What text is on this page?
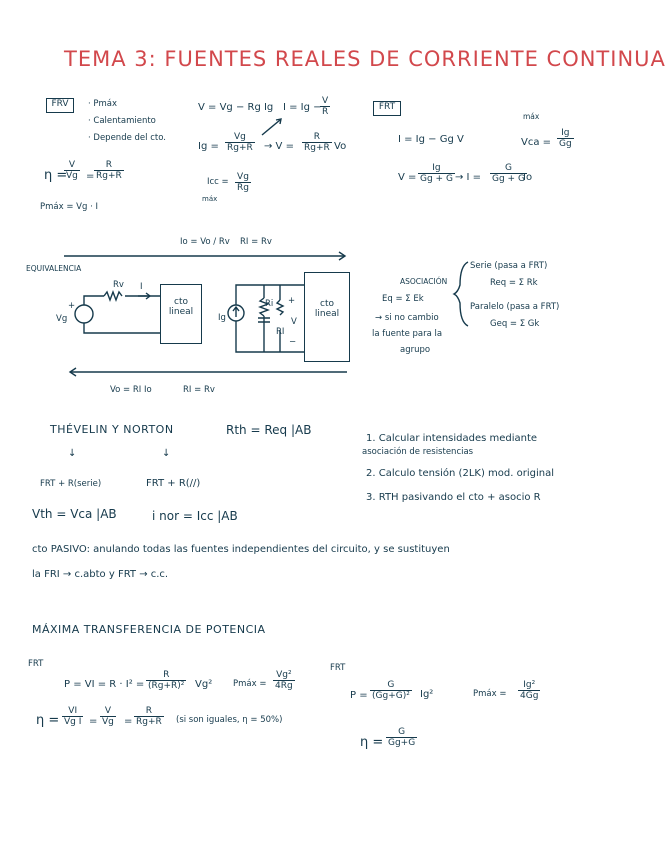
TEMA 3: FUENTES REALES DE CORRIENTE CONTINUA
FRV	· Pmáx
· Calentamiento
· Depende del cto.
η =
$\frac{V}{Vg} = \frac{R}{Rg+R}$
Pmáx = Vg · I
V = Vg − Rg Ig I = Ig −
$\frac{V}{R}$
$Ig = \frac{Vg}{Rg+R} \to V = \frac{R}{Rg+R}$ Vo
Icc =
máx
$\frac{Vg}{Rg}$
FRT
I = Ig − Gg V
máx
Vca = $\frac{Ig}{Gg}$
$V = \frac{Ig}{Gg + G} \to I = \frac{G}{Gg + G}$
Io
Io = Vo / Rv RI = Rv
EQUIVALENCIA
Rv I
Vg
+	cto
lineal
Ig
Ri +
V
−
RI
cto
lineal
Vo = RI Io	RI = Rv
ASOCIACIÓN
Eq = Σ Ek
→ si no cambio
la fuente para la
agrupo
Serie (pasa a FRT)
Req = Σ Rk
Paralelo (pasa a FRT)
Geq = Σ Gk
THÉVELIN Y NORTON	Rth = Req |AB
↓	↓
FRT + R(serie)	FRT + R(//)
Vth = Vca |AB	i nor = Icc |AB
1. Calcular intensidades mediante
asociación de resistencias
2. Calculo tensión (2LK) mod. original
3. RTH pasivando el cto + asocio R
cto PASIVO: anulando todas las fuentes independientes del circuito, y se sustituyen
la FRI → c.abto y FRT → c.c.
MÁXIMA TRANSFERENCIA DE POTENCIA
FRT
P = VI = $R \cdot I^2 = \frac{R}{\text{(Rg+R)²}} Vg^2$ Pmáx = $\frac{\text{Vg²}}{4Rg}$
$\eta = \frac{VI}{\text{Vg I}} = \frac{V}{Vg} = \frac{R}{Rg+R} (si$ son iguales, η = 50%)
FRT
$P = \frac{G}{\text{(Gg+G)²}} Ig^2$	Pmáx = $\frac{\text{Ig²}}{4Gg}$
$\eta = \frac{G}{Gg+G}$
